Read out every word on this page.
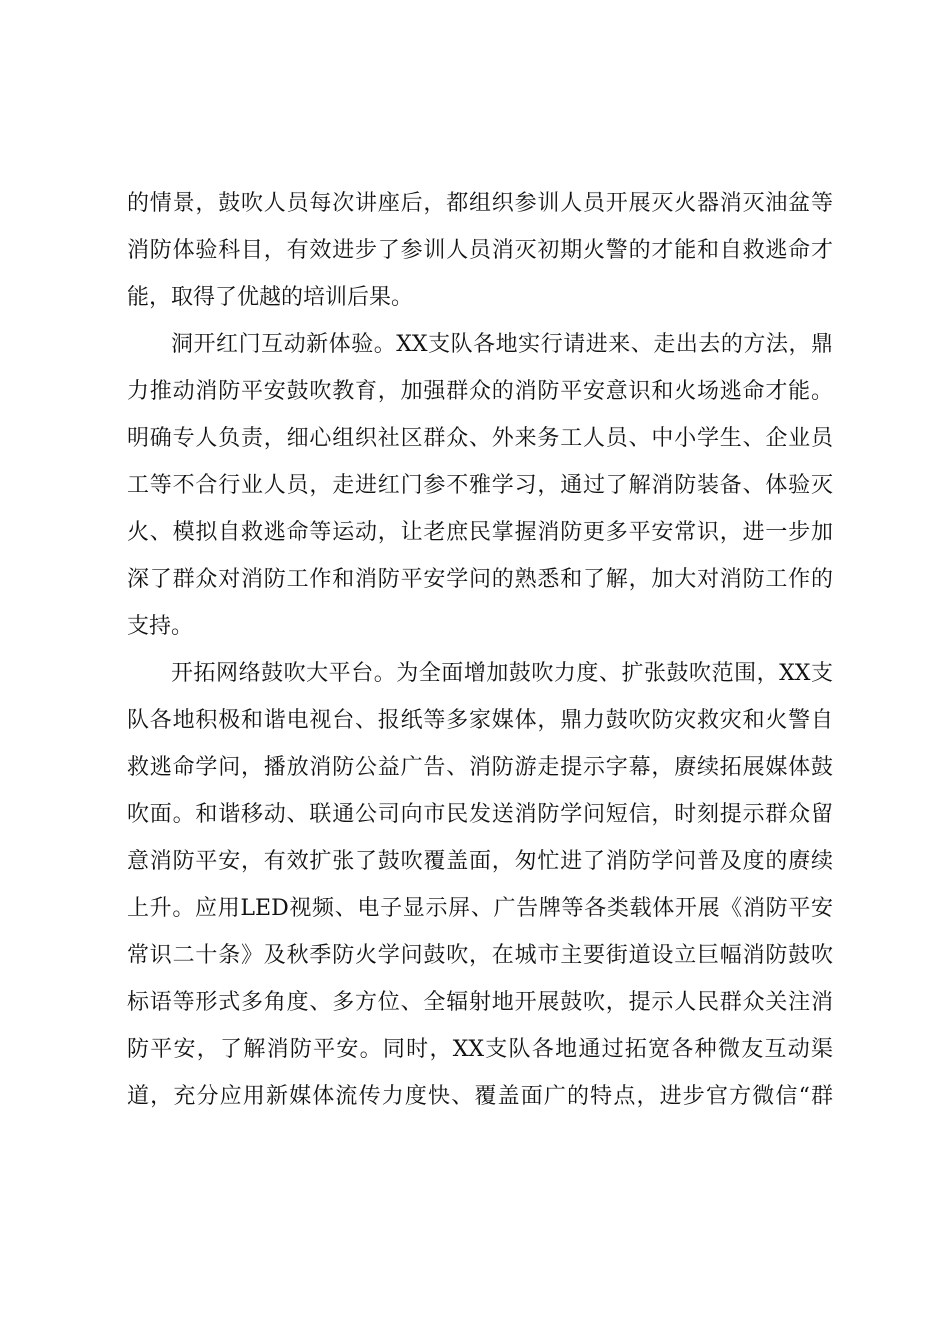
的情景，鼓吹人员每次讲座后，都组织参训人员开展灭火器消灭油盆等
消防体验科目，有效进步了参训人员消灭初期火警的才能和自救逃命才
能，取得了优越的培训后果。
洞开红门互动新体验。XX支队各地实行请进来、走出去的方法，鼎
力推动消防平安鼓吹教育，加强群众的消防平安意识和火场逃命才能。
明确专人负责，细心组织社区群众、外来务工人员、中小学生、企业员
工等不合行业人员，走进红门参不雅学习，通过了解消防装备、体验灭
火、模拟自救逃命等运动，让老庶民掌握消防更多平安常识，进一步加
深了群众对消防工作和消防平安学问的熟悉和了解，加大对消防工作的
支持。
开拓网络鼓吹大平台。为全面增加鼓吹力度、扩张鼓吹范围，XX支
队各地积极和谐电视台、报纸等多家媒体，鼎力鼓吹防灾救灾和火警自
救逃命学问，播放消防公益广告、消防游走提示字幕，赓续拓展媒体鼓
吹面。和谐移动、联通公司向市民发送消防学问短信，时刻提示群众留
意消防平安，有效扩张了鼓吹覆盖面，匆忙进了消防学问普及度的赓续
上升。应用LED视频、电子显示屏、广告牌等各类载体开展《消防平安
常识二十条》及秋季防火学问鼓吹，在城市主要街道设立巨幅消防鼓吹
标语等形式多角度、多方位、全辐射地开展鼓吹，提示人民群众关注消
防平安，了解消防平安。同时，XX支队各地通过拓宽各种微友互动渠
道，充分应用新媒体流传力度快、覆盖面广的特点，进步官方微信“群
